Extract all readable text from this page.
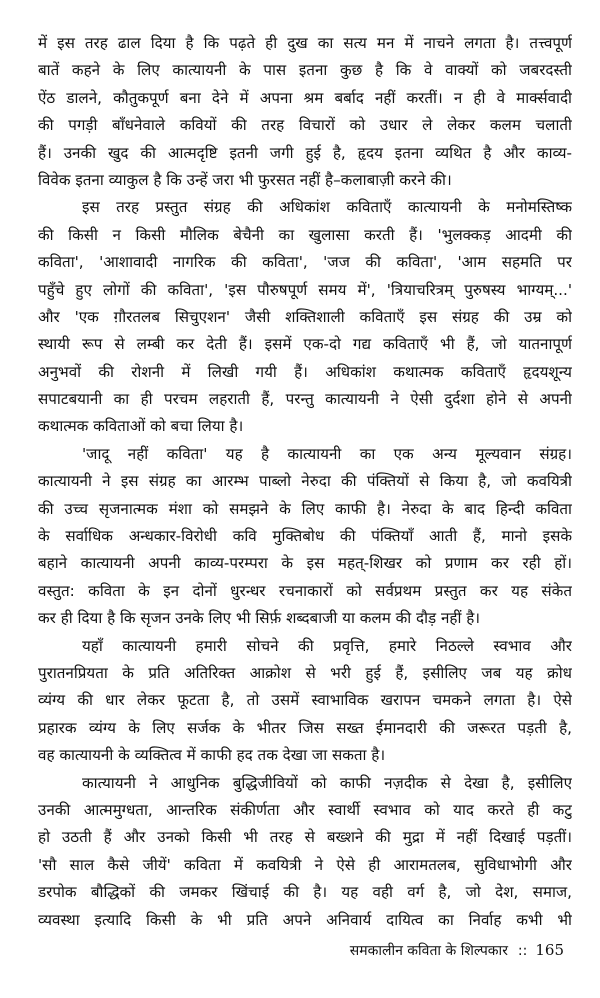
में इस तरह ढाल दिया है कि पढ़ते ही दुख का सत्य मन में नाचने लगता है। तत्त्वपूर्ण
बातें कहने के लिए कात्यायनी के पास इतना कुछ है कि वे वाक्यों को जबरदस्ती
ऐंठ डालने, कौतुकपूर्ण बना देने में अपना श्रम बर्बाद नहीं करतीं। न ही वे मार्क्सवादी
की पगड़ी बाँधनेवाले कवियों की तरह विचारों को उधार ले लेकर कलम चलाती
हैं। उनकी खुद की आत्मदृष्टि इतनी जगी हुई है, हृदय इतना व्यथित है और काव्य-
विवेक इतना व्याकुल है कि उन्हें जरा भी फुरसत नहीं है–कलाबाज़ी करने की।
इस तरह प्रस्तुत संग्रह की अधिकांश कविताएँ कात्यायनी के मनोमस्तिष्क
की किसी न किसी मौलिक बेचैनी का खुलासा करती हैं। 'भुलक्कड़ आदमी की
कविता', 'आशावादी नागरिक की कविता', 'जज की कविता', 'आम सहमति पर
पहुँचे हुए लोगों की कविता', 'इस पौरुषपूर्ण समय में', 'त्रियाचरित्रम् पुरुषस्य भाग्यम्...'
और 'एक ग़ौरतलब सिचुएशन' जैसी शक्तिशाली कविताएँ इस संग्रह की उम्र को
स्थायी रूप से लम्बी कर देती हैं। इसमें एक-दो गद्य कविताएँ भी हैं, जो यातनापूर्ण
अनुभवों की रोशनी में लिखी गयी हैं। अधिकांश कथात्मक कविताएँ हृदयशून्य
सपाटबयानी का ही परचम लहराती हैं, परन्तु कात्यायनी ने ऐसी दुर्दशा होने से अपनी
कथात्मक कविताओं को बचा लिया है।
'जादू नहीं कविता' यह है कात्यायनी का एक अन्य मूल्यवान संग्रह।
कात्यायनी ने इस संग्रह का आरम्भ पाब्लो नेरुदा की पंक्तियों से किया है, जो कवयित्री
की उच्च सृजनात्मक मंशा को समझने के लिए काफी है। नेरुदा के बाद हिन्दी कविता
के सर्वाधिक अन्धकार-विरोधी कवि मुक्तिबोध की पंक्तियाँ आती हैं, मानो इसके
बहाने कात्यायनी अपनी काव्य-परम्परा के इस महत्-शिखर को प्रणाम कर रही हों।
वस्तुत: कविता के इन दोनों धुरन्धर रचनाकारों को सर्वप्रथम प्रस्तुत कर यह संकेत
कर ही दिया है कि सृजन उनके लिए भी सिर्फ़ शब्दबाजी या कलम की दौड़ नहीं है।
यहाँ कात्यायनी हमारी सोचने की प्रवृत्ति, हमारे निठल्ले स्वभाव और
पुरातनप्रियता के प्रति अतिरिक्त आक्रोश से भरी हुई हैं, इसीलिए जब यह क्रोध
व्यंग्य की धार लेकर फूटता है, तो उसमें स्वाभाविक खरापन चमकने लगता है। ऐसे
प्रहारक व्यंग्य के लिए सर्जक के भीतर जिस सख्त ईमानदारी की जरूरत पड़ती है,
वह कात्यायनी के व्यक्तित्व में काफी हद तक देखा जा सकता है।
कात्यायनी ने आधुनिक बुद्धिजीवियों को काफी नज़दीक से देखा है, इसीलिए
उनकी आत्ममुग्धता, आन्तरिक संकीर्णता और स्वार्थी स्वभाव को याद करते ही कटु
हो उठती हैं और उनको किसी भी तरह से बख्शने की मुद्रा में नहीं दिखाई पड़तीं।
'सौ साल कैसे जीयें' कविता में कवयित्री ने ऐसे ही आरामतलब, सुविधाभोगी और
डरपोक बौद्धिकों की जमकर खिंचाई की है। यह वही वर्ग है, जो देश, समाज,
व्यवस्था इत्यादि किसी के भी प्रति अपने अनिवार्य दायित्व का निर्वाह कभी भी
समकालीन कविता के शिल्पकार :: 165
